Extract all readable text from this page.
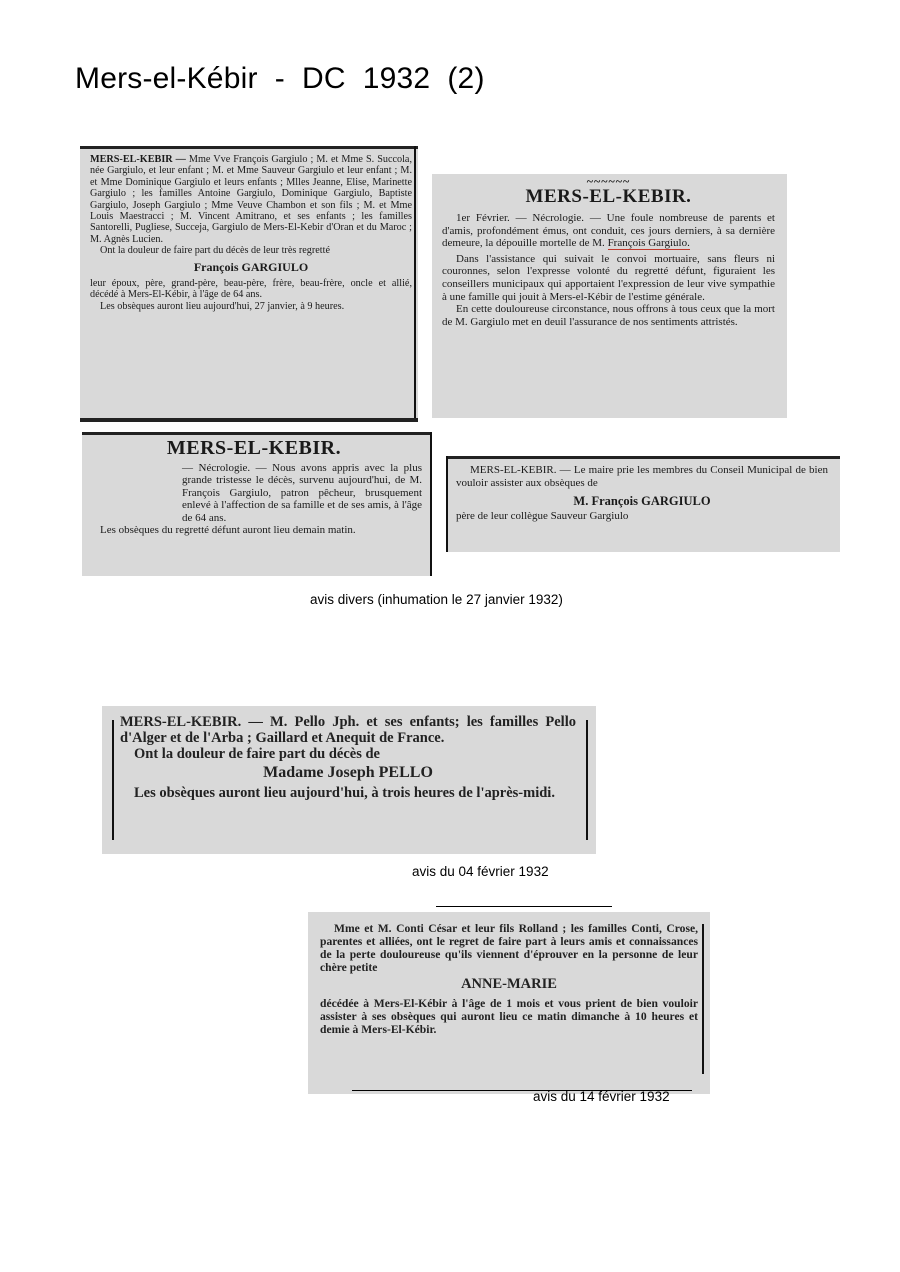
Mers-el-Kébir  -  DC  1932  (2)

MERS-EL-KEBIR — Mme Vve François Gargiulo ; M. et Mme S. Succola, née Gargiulo, et leur enfant ; M. et Mme Sauveur Gargiulo et leur enfant ; M. et Mme Dominique Gargiulo et leurs enfants ; Mlles Jeanne, Elise, Marinette Gargiulo ; les familles Antoine Gargiulo, Dominique Gargiulo, Baptiste Gargiulo, Joseph Gargiulo ; Mme Veuve Chambon et son fils ; M. et Mme Louis Maestracci ; M. Vincent Amitrano, et ses enfants ; les familles Santorelli, Pugliese, Succeja, Gargiulo de Mers-El-Kebir d'Oran et du Maroc ; M. Agnès Lucien.

Ont la douleur de faire part du décès de leur très regretté

François GARGIULO

leur époux, père, grand-père, beau-père, frère, beau-frère, oncle et allié, décédé à Mers-El-Kébir, à l'âge de 64 ans.

Les obsèques auront lieu aujourd'hui, 27 janvier, à 9 heures.

~~~~~~

MERS-EL-KEBIR.

1er Février. — Nécrologie. — Une foule nombreuse de parents et d'amis, profondément émus, ont conduit, ces jours derniers, à sa dernière demeure, la dépouille mortelle de M. François Gargiulo.

Dans l'assistance qui suivait le convoi mortuaire, sans fleurs ni couronnes, selon l'expresse volonté du regretté défunt, figuraient les conseillers municipaux qui apportaient l'expression de leur vive sympathie à une famille qui jouit à Mers-el-Kébir de l'estime générale.

En cette douloureuse circonstance, nous offrons à tous ceux que la mort de M. Gargiulo met en deuil l'assurance de nos sentiments attristés.

MERS-EL-KEBIR.

— Nécrologie. — Nous avons appris avec la plus grande tristesse le décès, survenu aujourd'hui, de M. François Gargiulo, patron pêcheur, brusquement enlevé à l'affection de sa famille et de ses amis, à l'âge de 64 ans.

Les obsèques du regretté défunt auront lieu demain matin.

MERS-EL-KEBIR. — Le maire prie les membres du Conseil Municipal de bien vouloir assister aux obsèques de

M. François GARGIULO

père de leur collègue Sauveur Gargiulo

avis divers (inhumation le 27 janvier 1932)

MERS-EL-KEBIR. — M. Pello Jph. et ses enfants; les familles Pello d'Alger et de l'Arba ; Gaillard et Anequit de France.

Ont la douleur de faire part du décès de

Madame Joseph PELLO

Les obsèques auront lieu aujourd'hui, à trois heures de l'après-midi.

avis du 04 février 1932

Mme et M. Conti César et leur fils Rolland ; les familles Conti, Crose, parentes et alliées, ont le regret de faire part à leurs amis et connaissances de la perte douloureuse qu'ils viennent d'éprouver en la personne de leur chère petite

ANNE-MARIE

décédée à Mers-El-Kébir à l'âge de 1 mois et vous prient de bien vouloir assister à ses obsèques qui auront lieu ce matin dimanche à 10 heures et demie à Mers-El-Kébir.

avis du 14 février 1932
